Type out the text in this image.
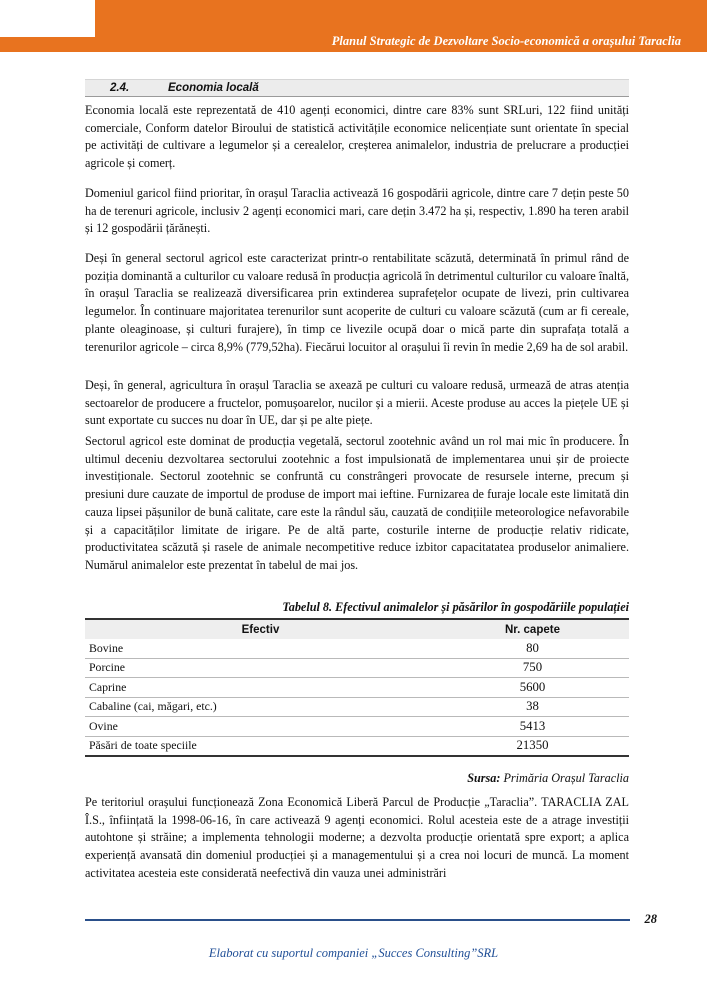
Planul Strategic de Dezvoltare Socio-economică a orașului Taraclia
2.4.	Economia locală

Economia locală este reprezentată de 410 agenți economici, dintre care 83% sunt SRLuri, 122 fiind unități comerciale, Conform datelor Biroului de statistică activitățile economice nelicențiate sunt orientate în special pe activități de cultivare a legumelor și a cerealelor, creșterea animalelor, industria de prelucrare a producției agricole și comerț.

Domeniul garicol fiind prioritar, în orașul Taraclia activează 16 gospodării agricole, dintre care 7 dețin peste 50 ha de terenuri agricole, inclusiv 2 agenți economici mari, care dețin 3.472 ha și, respectiv, 1.890 ha teren arabil și 12 gospodării țărănești.

Deși în general sectorul agricol este caracterizat printr-o rentabilitate scăzută, determinată în primul rând de poziția dominantă a culturilor cu valoare redusă în producția agricolă în detrimentul culturilor cu valoare înaltă, în orașul Taraclia se realizează diversificarea prin extinderea suprafețelor ocupate de livezi, prin cultivarea legumelor. În continuare majoritatea terenurilor sunt acoperite de culturi cu valoare scăzută (cum ar fi cereale, plante oleaginoase, și culturi furajere), în timp ce livezile ocupă doar o mică parte din suprafața totală a terenurilor agricole – circa 8,9% (779,52ha). Fiecărui locuitor al orașului îi revin în medie 2,69 ha de sol arabil.

Deși, în general, agricultura în orașul Taraclia se axează pe culturi cu valoare redusă, urmează de atras atenția sectoarelor de producere a fructelor, pomușoarelor, nucilor și a mierii. Aceste produse au acces la piețele UE și sunt exportate cu succes nu doar în UE, dar și pe alte piețe.

Sectorul agricol este dominat de producția vegetală, sectorul zootehnic având un rol mai mic în producere. În ultimul deceniu dezvoltarea sectorului zootehnic a fost impulsionată de implementarea unui șir de proiecte investiționale. Sectorul zootehnic se confruntă cu constrângeri provocate de resursele interne, precum și presiuni dure cauzate de importul de produse de import mai ieftine. Furnizarea de furaje locale este limitată din cauza lipsei pășunilor de bună calitate, care este la rândul său, cauzată de condițiile meteorologice nefavorabile și a capacităților limitate de irigare. Pe de altă parte, costurile interne de producție relativ ridicate, productivitatea scăzută și rasele de animale necompetitive reduce izbitor capacitatatea produselor animaliere. Numărul animalelor este prezentat în tabelul de mai jos.

Tabelul 8. Efectivul animalelor și păsărilor în gospodăriile populației
Efectiv	Nr. capete
Bovine	80
Porcine	750
Caprine	5600
Cabaline (cai, măgari, etc.)	38
Ovine	5413
Păsări de toate speciile	21350
Sursa: Primăria Orașul Taraclia

Pe teritoriul orașului funcționează Zona Economică Liberă Parcul de Producție „Taraclia”. TARACLIA ZAL Î.S., înființată la 1998-06-16, în care activează 9 agenți economici. Rolul acesteia este de a atrage investiții autohtone și străine; a implementa tehnologii moderne; a dezvolta producție orientată spre export; a aplica experiență avansată din domeniul producției și a managementului și a crea noi locuri de muncă. La moment activitatea acesteia este considerată neefectivă din vauza unei administrări

28
Elaborat cu suportul companiei „Succes Consulting”SRL
